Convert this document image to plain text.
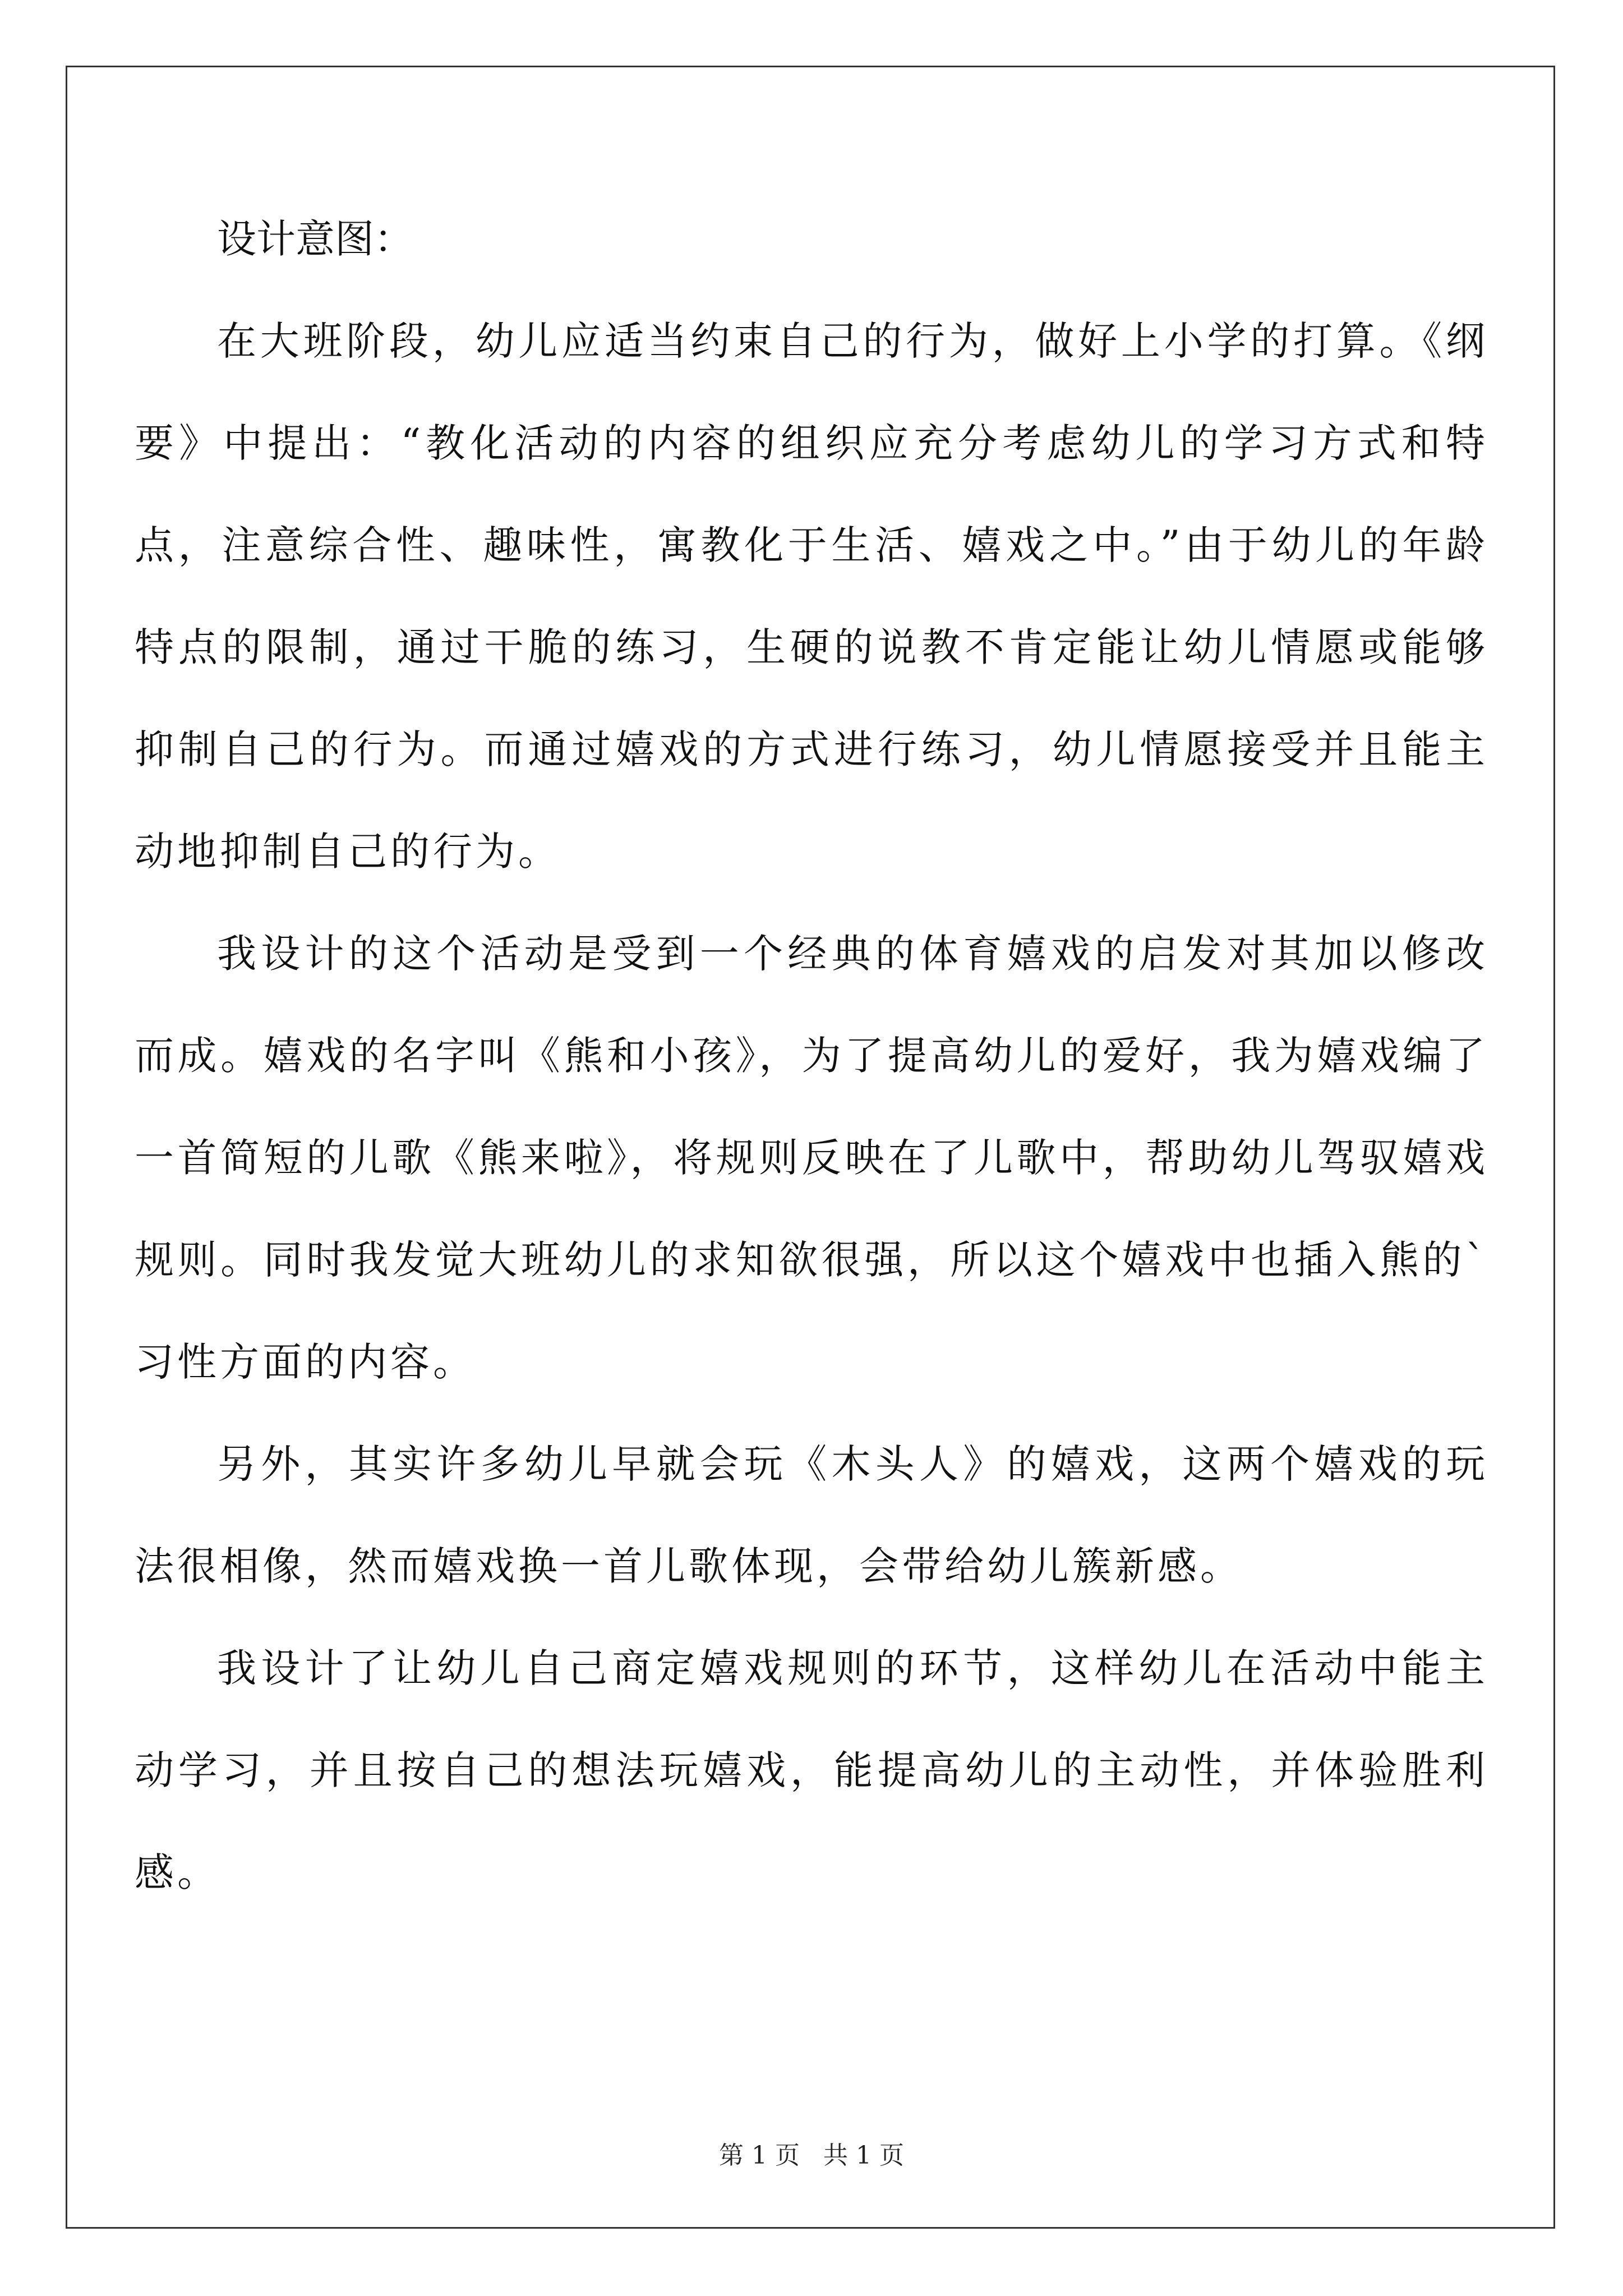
设计意图：

在大班阶段，幼儿应适当约束自己的行为，做好上小学的打算。《纲要》中提出：“教化活动的内容的组织应充分考虑幼儿的学习方式和特点，注意综合性、趣味性，寓教化于生活、嬉戏之中。”由于幼儿的年龄特点的限制，通过干脆的练习，生硬的说教不肯定能让幼儿情愿或能够抑制自己的行为。而通过嬉戏的方式进行练习，幼儿情愿接受并且能主动地抑制自己的行为。

我设计的这个活动是受到一个经典的体育嬉戏的启发对其加以修改而成。嬉戏的名字叫《熊和小孩》，为了提高幼儿的爱好，我为嬉戏编了一首简短的儿歌《熊来啦》，将规则反映在了儿歌中，帮助幼儿驾驭嬉戏规则。同时我发觉大班幼儿的求知欲很强，所以这个嬉戏中也插入熊的`习性方面的内容。

另外，其实许多幼儿早就会玩《木头人》的嬉戏，这两个嬉戏的玩法很相像，然而嬉戏换一首儿歌体现，会带给幼儿簇新感。

我设计了让幼儿自己商定嬉戏规则的环节，这样幼儿在活动中能主动学习，并且按自己的想法玩嬉戏，能提高幼儿的主动性，并体验胜利感。

第 1 页   共 1 页
